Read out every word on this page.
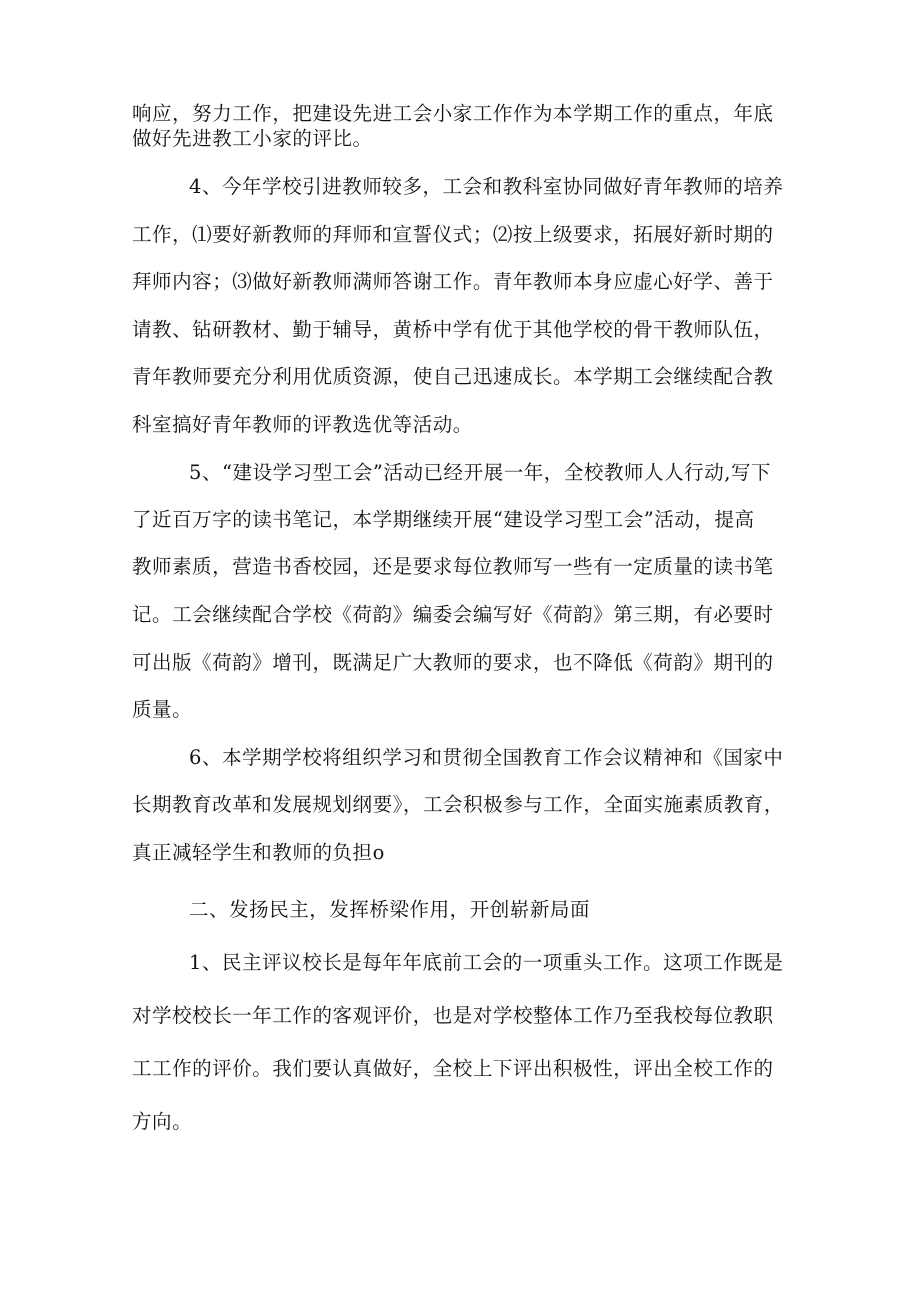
响应，努力工作，把建设先进工会小家工作作为本学期工作的重点，年底
做好先进教工小家的评比。
4、今年学校引进教师较多，工会和教科室协同做好青年教师的培养
工作，⑴要好新教师的拜师和宣誓仪式；⑵按上级要求，拓展好新时期的
拜师内容；⑶做好新教师满师答谢工作。青年教师本身应虚心好学、善于
请教、钻研教材、勤于辅导，黄桥中学有优于其他学校的骨干教师队伍，
青年教师要充分利用优质资源，使自己迅速成长。本学期工会继续配合教
科室搞好青年教师的评教选优等活动。
5、“建设学习型工会”活动已经开展一年，全校教师人人行动,写下
了近百万字的读书笔记，本学期继续开展“建设学习型工会”活动，提高
教师素质，营造书香校园，还是要求每位教师写一些有一定质量的读书笔
记。工会继续配合学校《荷韵》编委会编写好《荷韵》第三期，有必要时
可出版《荷韵》增刊，既满足广大教师的要求，也不降低《荷韵》期刊的
质量。
6、本学期学校将组织学习和贯彻全国教育工作会议精神和《国家中
长期教育改革和发展规划纲要》，工会积极参与工作，全面实施素质教育，
真正减轻学生和教师的负担o
二、发扬民主，发挥桥梁作用，开创崭新局面
1、民主评议校长是每年年底前工会的一项重头工作。这项工作既是
对学校校长一年工作的客观评价，也是对学校整体工作乃至我校每位教职
工工作的评价。我们要认真做好，全校上下评出积极性，评出全校工作的
方向。
